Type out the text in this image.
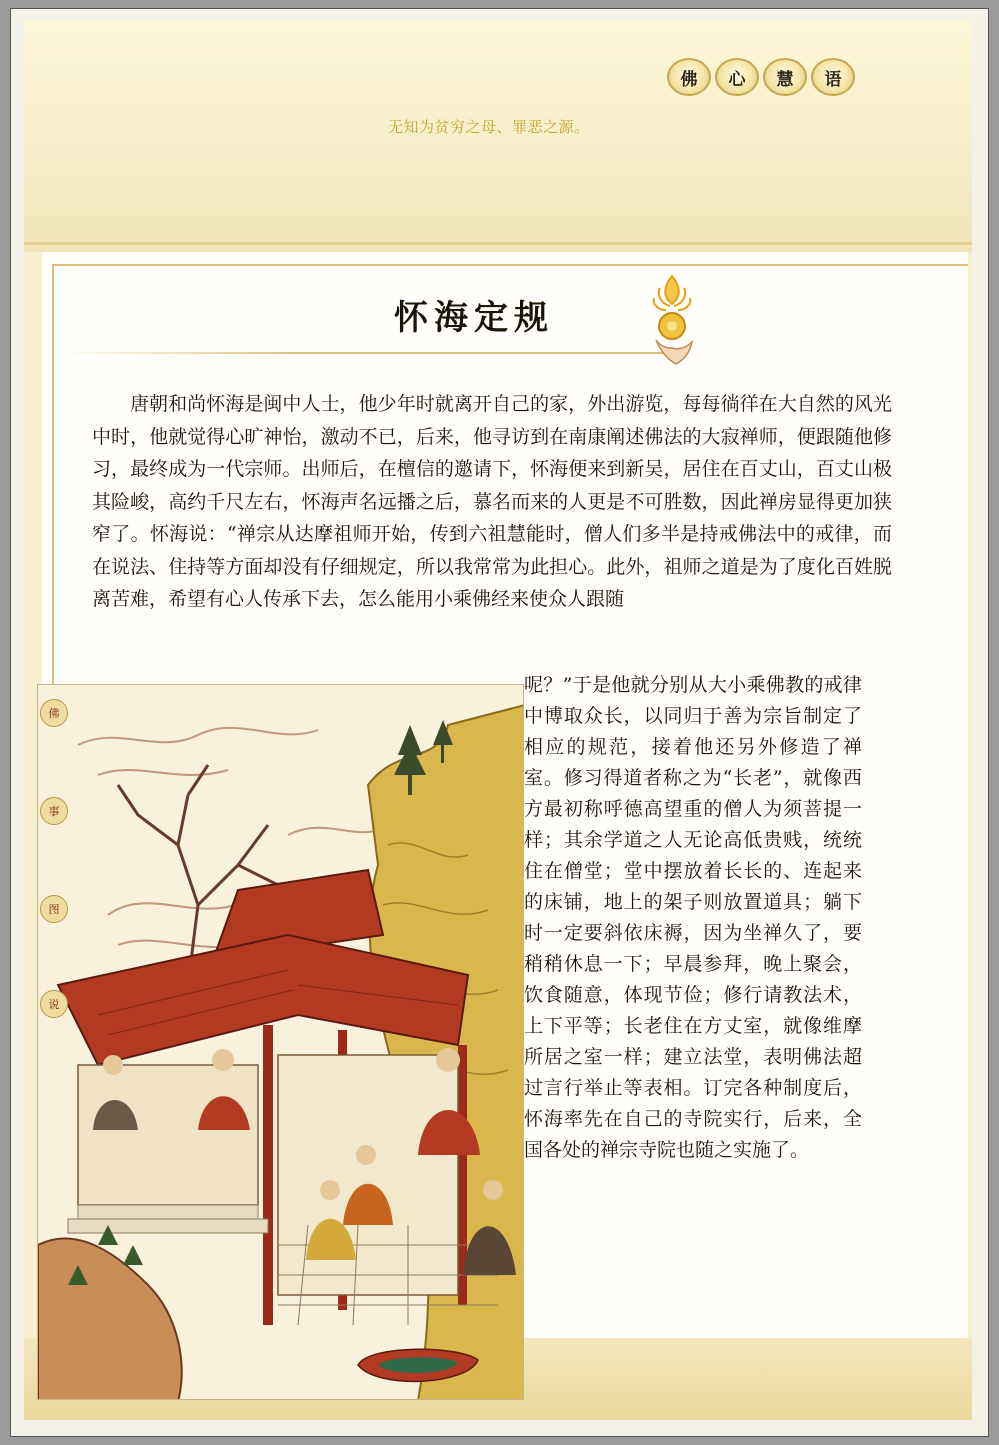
佛	心	慧	语
无知为贫穷之母、罪恶之源。
怀海定规
唐朝和尚怀海是闽中人士，他少年时就离开自己的家，外出游览，每每徜徉在大自然的风光中时，他就觉得心旷神怡，激动不已，后来，他寻访到在南康阐述佛法的大寂禅师，便跟随他修习，最终成为一代宗师。出师后，在檀信的邀请下，怀海便来到新吴，居住在百丈山，百丈山极其险峻，高约千尺左右，怀海声名远播之后，慕名而来的人更是不可胜数，因此禅房显得更加狭窄了。怀海说：“禅宗从达摩祖师开始，传到六祖慧能时，僧人们多半是持戒佛法中的戒律，而在说法、住持等方面却没有仔细规定，所以我常常为此担心。此外，祖师之道是为了度化百姓脱离苦难，希望有心人传承下去，怎么能用小乘佛经来使众人跟随
佛
事
图
说
呢？”于是他就分别从大小乘佛教的戒律中博取众长，以同归于善为宗旨制定了相应的规范，接着他还另外修造了禅室。修习得道者称之为“长老”，就像西方最初称呼德高望重的僧人为须菩提一样；其余学道之人无论高低贵贱，统统住在僧堂；堂中摆放着长长的、连起来的床铺，地上的架子则放置道具；躺下时一定要斜依床褥，因为坐禅久了，要稍稍休息一下；早晨参拜，晚上聚会，饮食随意，体现节俭；修行请教法术，上下平等；长老住在方丈室，就像维摩所居之室一样；建立法堂，表明佛法超过言行举止等表相。订完各种制度后，怀海率先在自己的寺院实行，后来，全国各处的禅宗寺院也随之实施了。
